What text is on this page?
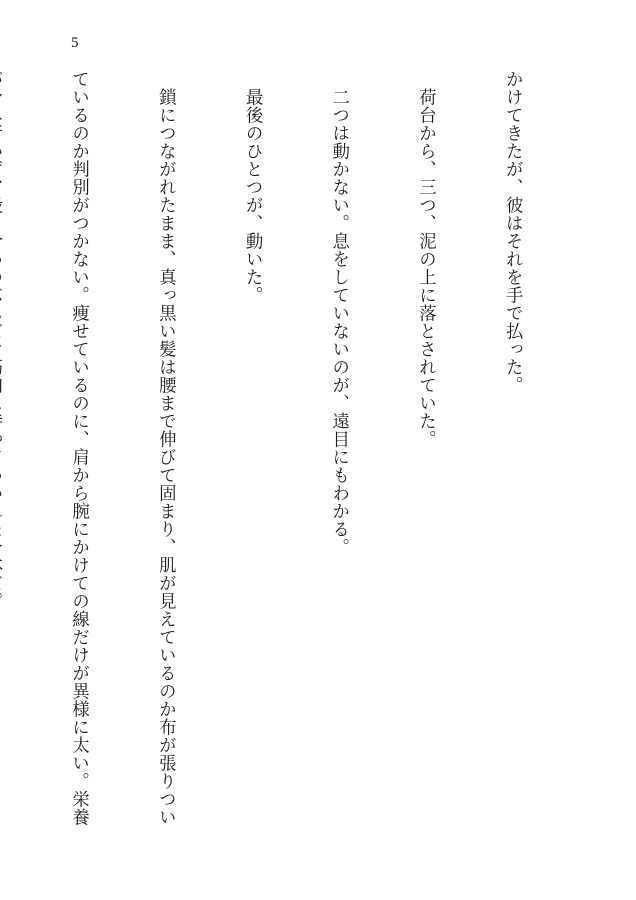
5

かけてきたが、彼はそれを手で払った。

　荷台から、三つ、泥の上に落とされていた。

　二つは動かない。息をしていないのが、遠目にもわかる。

　最後のひとつが、動いた。

　鎖につながれたまま、真っ黒い髪は腰まで伸びて固まり、肌が見えているのか布が張りつい

ているのか判別がつかない。痩せているのに、肩から腕にかけての線だけが異様に太い。栄養
